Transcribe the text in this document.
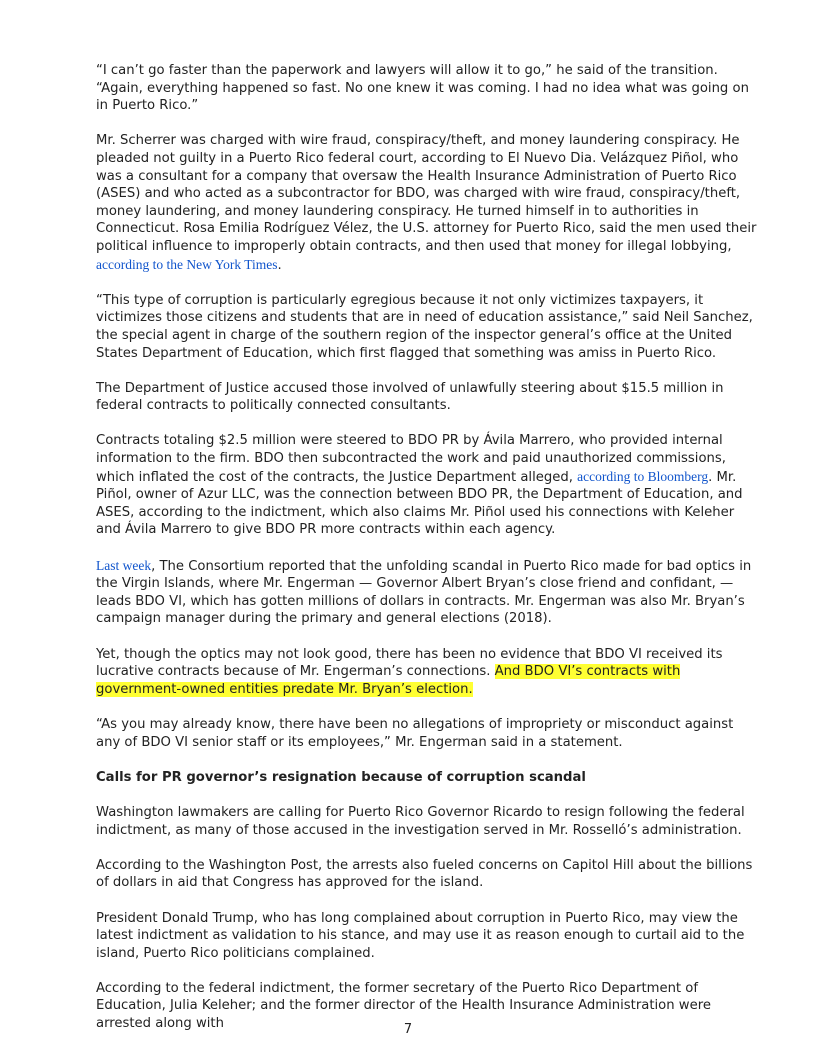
“I can’t go faster than the paperwork and lawyers will allow it to go,” he said of the transition. “Again, everything happened so fast. No one knew it was coming. I had no idea what was going on in Puerto Rico.”

Mr. Scherrer was charged with wire fraud, conspiracy/theft, and money laundering conspiracy. He pleaded not guilty in a Puerto Rico federal court, according to El Nuevo Dia. Velázquez Piñol, who was a consultant for a company that oversaw the Health Insurance Administration of Puerto Rico (ASES) and who acted as a subcontractor for BDO, was charged with wire fraud, conspiracy/theft, money laundering, and money laundering conspiracy. He turned himself in to authorities in Connecticut. Rosa Emilia Rodríguez Vélez, the U.S. attorney for Puerto Rico, said the men used their political influence to improperly obtain contracts, and then used that money for illegal lobbying, according to the New York Times.

“This type of corruption is particularly egregious because it not only victimizes taxpayers, it victimizes those citizens and students that are in need of education assistance,” said Neil Sanchez, the special agent in charge of the southern region of the inspector general’s office at the United States Department of Education, which first flagged that something was amiss in Puerto Rico.

The Department of Justice accused those involved of unlawfully steering about $15.5 million in federal contracts to politically connected consultants.

Contracts totaling $2.5 million were steered to BDO PR by Ávila Marrero, who provided internal information to the firm. BDO then subcontracted the work and paid unauthorized commissions, which inflated the cost of the contracts, the Justice Department alleged, according to Bloomberg. Mr. Piñol, owner of Azur LLC, was the connection between BDO PR, the Department of Education, and ASES, according to the indictment, which also claims Mr. Piñol used his connections with Keleher and Ávila Marrero to give BDO PR more contracts within each agency.

Last week, The Consortium reported that the unfolding scandal in Puerto Rico made for bad optics in the Virgin Islands, where Mr. Engerman — Governor Albert Bryan’s close friend and confidant, — leads BDO VI, which has gotten millions of dollars in contracts. Mr. Engerman was also Mr. Bryan’s campaign manager during the primary and general elections (2018).

Yet, though the optics may not look good, there has been no evidence that BDO VI received its lucrative contracts because of Mr. Engerman’s connections. And BDO VI’s contracts with government-owned entities predate Mr. Bryan’s election.

“As you may already know, there have been no allegations of impropriety or misconduct against any of BDO VI senior staff or its employees,” Mr. Engerman said in a statement.

Calls for PR governor’s resignation because of corruption scandal

Washington lawmakers are calling for Puerto Rico Governor Ricardo to resign following the federal indictment, as many of those accused in the investigation served in Mr. Rosselló’s administration.

According to the Washington Post, the arrests also fueled concerns on Capitol Hill about the billions of dollars in aid that Congress has approved for the island.

President Donald Trump, who has long complained about corruption in Puerto Rico, may view the latest indictment as validation to his stance, and may use it as reason enough to curtail aid to the island, Puerto Rico politicians complained.

According to the federal indictment, the former secretary of the Puerto Rico Department of Education, Julia Keleher; and the former director of the Health Insurance Administration were arrested along with	7
